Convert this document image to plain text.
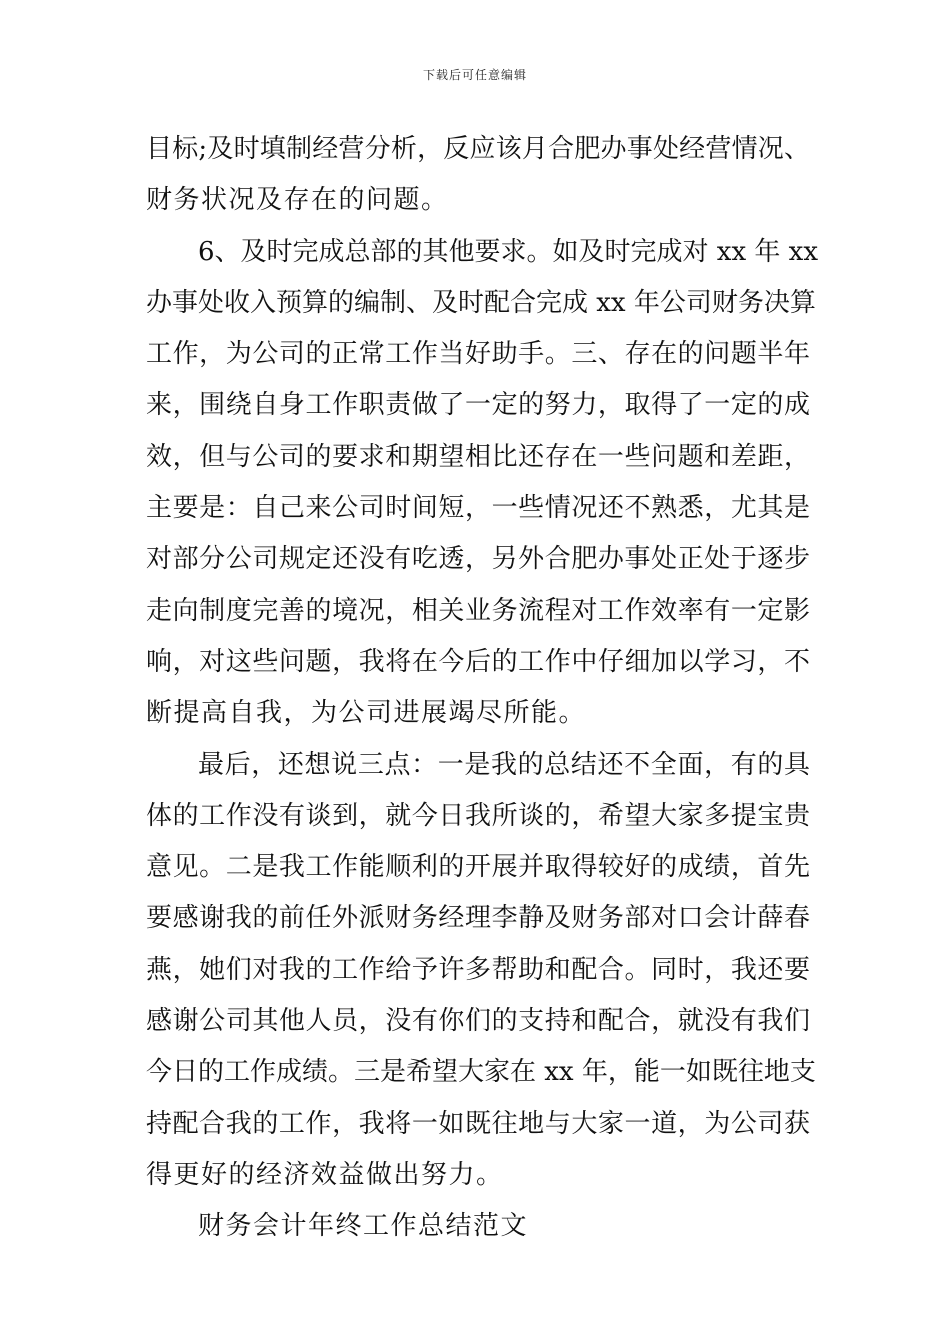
下载后可任意编辑
目标;及时填制经营分析，反应该月合肥办事处经营情况、
财务状况及存在的问题。
6、及时完成总部的其他要求。如及时完成对 xx 年 xx
办事处收入预算的编制、及时配合完成 xx 年公司财务决算
工作，为公司的正常工作当好助手。三、存在的问题半年
来，围绕自身工作职责做了一定的努力，取得了一定的成
效，但与公司的要求和期望相比还存在一些问题和差距，
主要是：自己来公司时间短，一些情况还不熟悉，尤其是
对部分公司规定还没有吃透，另外合肥办事处正处于逐步
走向制度完善的境况，相关业务流程对工作效率有一定影
响，对这些问题，我将在今后的工作中仔细加以学习，不
断提高自我，为公司进展竭尽所能。
最后，还想说三点：一是我的总结还不全面，有的具
体的工作没有谈到，就今日我所谈的，希望大家多提宝贵
意见。二是我工作能顺利的开展并取得较好的成绩，首先
要感谢我的前任外派财务经理李静及财务部对口会计薛春
燕，她们对我的工作给予许多帮助和配合。同时，我还要
感谢公司其他人员，没有你们的支持和配合，就没有我们
今日的工作成绩。三是希望大家在 xx 年，能一如既往地支
持配合我的工作，我将一如既往地与大家一道，为公司获
得更好的经济效益做出努力。
财务会计年终工作总结范文
